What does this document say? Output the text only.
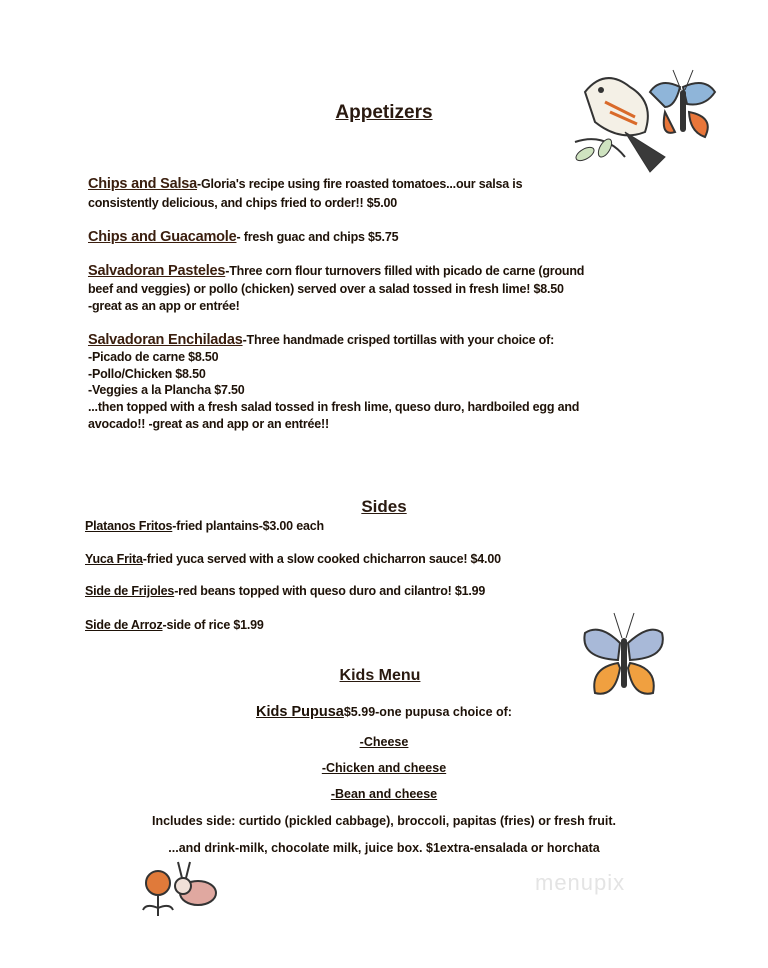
Appetizers
Chips and Salsa-Gloria's recipe using fire roasted tomatoes...our salsa is
consistently delicious, and chips fried to order!! $5.00
Chips and Guacamole- fresh guac and chips $5.75
Salvadoran Pasteles-Three corn flour turnovers filled with picado de carne (ground
beef and veggies) or pollo (chicken) served over a salad tossed in fresh lime! $8.50
-great as an app or entrée!
Salvadoran Enchiladas-Three handmade crisped tortillas with your choice of:
-Picado de carne $8.50
-Pollo/Chicken $8.50
-Veggies a la Plancha $7.50
...then topped with a fresh salad tossed in fresh lime, queso duro, hardboiled egg and
avocado!! -great as and app or an entrée!!
Sides
Platanos Fritos-fried plantains-$3.00 each
Yuca Frita-fried yuca served with a slow cooked chicharron sauce! $4.00
Side de Frijoles-red beans topped with queso duro and cilantro! $1.99
Side de Arroz-side of rice $1.99
Kids Menu
Kids Pupusa$5.99-one pupusa choice of:
-Cheese
-Chicken and cheese
-Bean and cheese
Includes side: curtido (pickled cabbage), broccoli, papitas (fries) or fresh fruit.
...and drink-milk, chocolate milk, juice box. $1extra-ensalada or horchata
menupix
